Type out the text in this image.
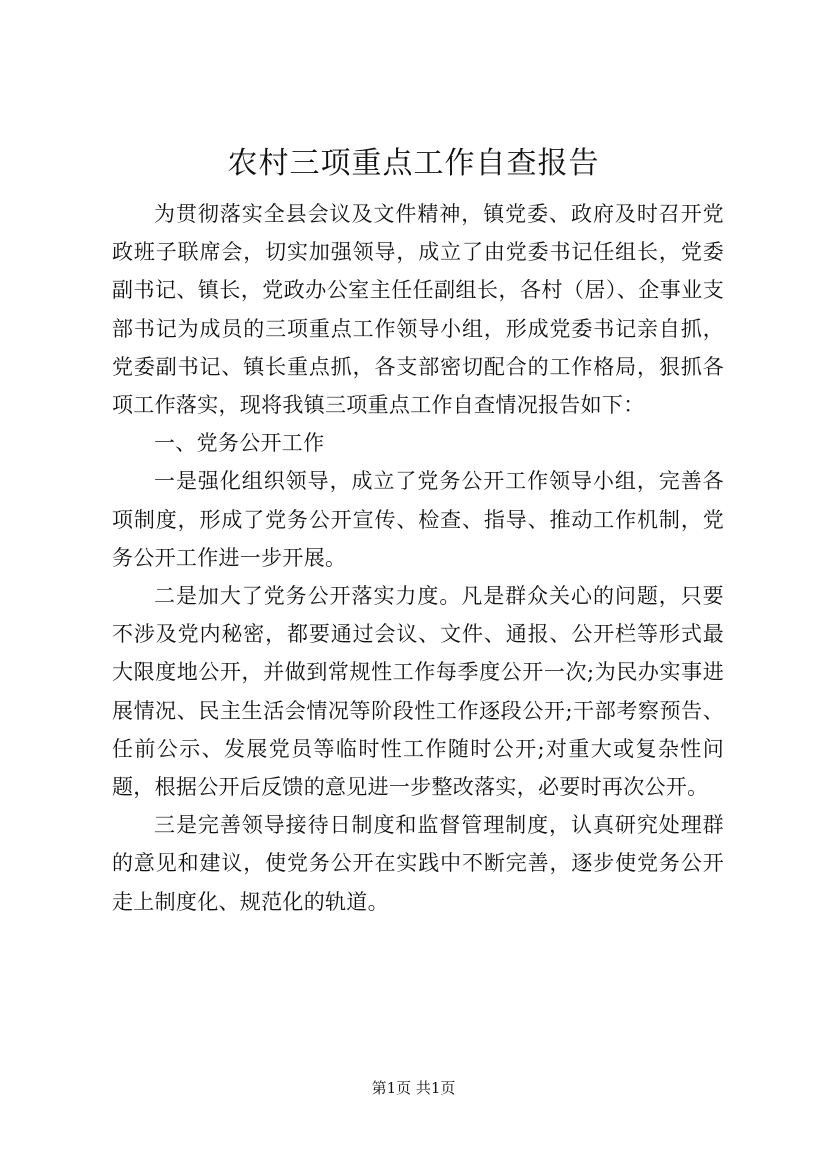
农村三项重点工作自查报告

为贯彻落实全县会议及文件精神，镇党委、政府及时召开党政班子联席会，切实加强领导，成立了由党委书记任组长，党委副书记、镇长，党政办公室主任任副组长，各村（居）、企事业支部书记为成员的三项重点工作领导小组，形成党委书记亲自抓，党委副书记、镇长重点抓，各支部密切配合的工作格局，狠抓各项工作落实，现将我镇三项重点工作自查情况报告如下：

一、党务公开工作

一是强化组织领导，成立了党务公开工作领导小组，完善各项制度，形成了党务公开宣传、检查、指导、推动工作机制，党务公开工作进一步开展。

二是加大了党务公开落实力度。凡是群众关心的问题，只要不涉及党内秘密，都要通过会议、文件、通报、公开栏等形式最大限度地公开，并做到常规性工作每季度公开一次;为民办实事进展情况、民主生活会情况等阶段性工作逐段公开;干部考察预告、任前公示、发展党员等临时性工作随时公开;对重大或复杂性问题，根据公开后反馈的意见进一步整改落实，必要时再次公开。

三是完善领导接待日制度和监督管理制度，认真研究处理群的意见和建议，使党务公开在实践中不断完善，逐步使党务公开走上制度化、规范化的轨道。

第1页 共1页
